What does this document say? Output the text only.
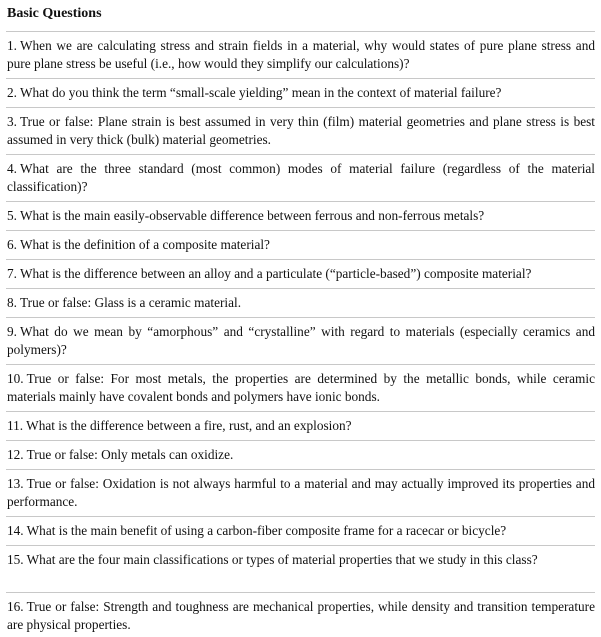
Basic Questions
1. When we are calculating stress and strain fields in a material, why would states of pure plane stress and pure plane stress be useful (i.e., how would they simplify our calculations)?
2. What do you think the term “small-scale yielding” mean in the context of material failure?
3. True or false: Plane strain is best assumed in very thin (film) material geometries and plane stress is best assumed in very thick (bulk) material geometries.
4. What are the three standard (most common) modes of material failure (regardless of the material classification)?
5. What is the main easily-observable difference between ferrous and non-ferrous metals?
6. What is the definition of a composite material?
7. What is the difference between an alloy and a particulate (“particle-based”) composite material?
8. True or false: Glass is a ceramic material.
9. What do we mean by “amorphous” and “crystalline” with regard to materials (especially ceramics and polymers)?
10. True or false: For most metals, the properties are determined by the metallic bonds, while ceramic materials mainly have covalent bonds and polymers have ionic bonds.
11. What is the difference between a fire, rust, and an explosion?
12. True or false: Only metals can oxidize.
13. True or false: Oxidation is not always harmful to a material and may actually improved its properties and performance.
14. What is the main benefit of using a carbon-fiber composite frame for a racecar or bicycle?
15. What are the four main classifications or types of material properties that we study in this class?
16. True or false: Strength and toughness are mechanical properties, while density and transition temperature are physical properties.
